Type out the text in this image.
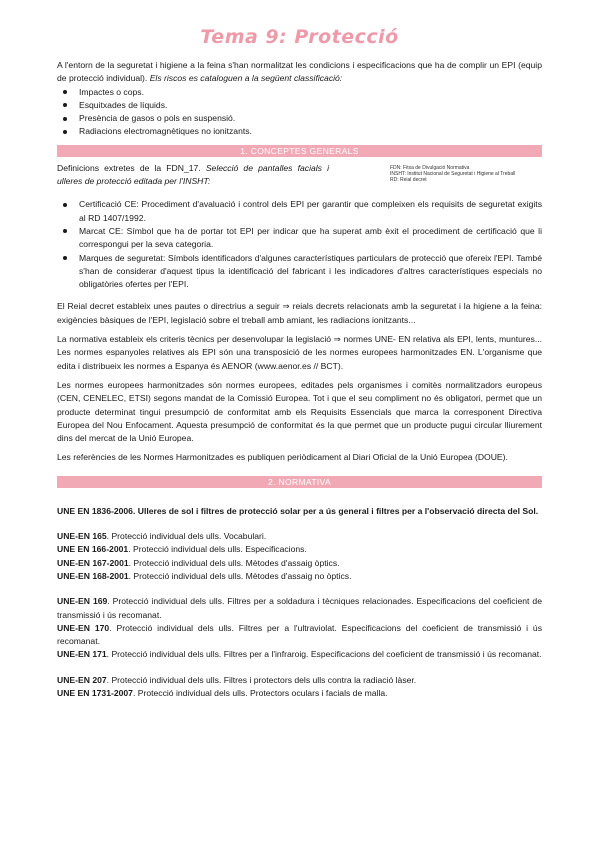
Tema 9: Protecció

A l'entorn de la seguretat i higiene a la feina s'han normalitzat les condicions i especificacions que ha de complir un EPI (equip de protecció individual). Els riscos es cataloguen a la següent classificació:

Impactes o cops.
Esquitxades de líquids.
Presència de gasos o pols en suspensió.
Radiacions electromagnètiques no ionitzants.
1. CONCEPTES GENERALS

Definicions extretes de la FDN_17. Selecció de pantalles facials i ulleres de protecció editada per l'INSHT:

FDN: Fitxa de Divulgació Normativa
INSHT: Institut Nacional de Seguretat i Higiene al Treball
RD: Reial decret
Certificació CE: Procediment d'avaluació i control dels EPI per garantir que compleixen els requisits de seguretat exigits al RD 1407/1992.
Marcat CE: Símbol que ha de portar tot EPI per indicar que ha superat amb èxit el procediment de certificació que li correspongui per la seva categoria.
Marques de seguretat: Símbols identificadors d'algunes característiques particulars de protecció que ofereix l'EPI. També s'han de considerar d'aquest tipus la identificació del fabricant i les indicadores d'altres característiques especials no obligatòries ofertes per l'EPI.

El Reial decret estableix unes pautes o directrius a seguir ⇒ reials decrets relacionats amb la seguretat i la higiene a la feina: exigències bàsiques de l'EPI, legislació sobre el treball amb amiant, les radiacions ionitzants...

La normativa estableix els criteris tècnics per desenvolupar la legislació ⇒ normes UNE- EN relativa als EPI, lents, muntures... Les normes espanyoles relatives als EPI són una transposició de les normes europees harmonitzades EN. L'organisme que edita i distribueix les normes a Espanya és AENOR (www.aenor.es // BCT).

Les normes europees harmonitzades són normes europees, editades pels organismes i comitès normalitzadors europeus (CEN, CENELEC, ETSI) segons mandat de la Comissió Europea. Tot i que el seu compliment no és obligatori, permet que un producte determinat tingui presumpció de conformitat amb els Requisits Essencials que marca la corresponent Directiva Europea del Nou Enfocament. Aquesta presumpció de conformitat és la que permet que un producte pugui circular lliurement dins del mercat de la Unió Europea.

Les referències de les Normes Harmonitzades es publiquen periòdicament al Diari Oficial de la Unió Europea (DOUE).

2. NORMATIVA

UNE EN 1836-2006. Ulleres de sol i filtres de protecció solar per a ús general i filtres per a l'observació directa del Sol.

UNE-EN 165. Protecció individual dels ulls. Vocabulari.

UNE EN 166-2001. Protecció individual dels ulls. Especificacions.

UNE-EN 167-2001. Protecció individual dels ulls. Mètodes d'assaig òptics.

UNE-EN 168-2001. Protecció individual dels ulls. Mètodes d'assaig no òptics.

UNE-EN 169. Protecció individual dels ulls. Filtres per a soldadura i tècniques relacionades. Especificacions del coeficient de transmissió i ús recomanat.

UNE-EN 170. Protecció individual dels ulls. Filtres per a l'ultraviolat. Especificacions del coeficient de transmissió i ús recomanat.

UNE-EN 171. Protecció individual dels ulls. Filtres per a l'infraroig. Especificacions del coeficient de transmissió i ús recomanat.

UNE-EN 207. Protecció individual dels ulls. Filtres i protectors dels ulls contra la radiació làser.

UNE EN 1731-2007. Protecció individual dels ulls. Protectors oculars i facials de malla.
